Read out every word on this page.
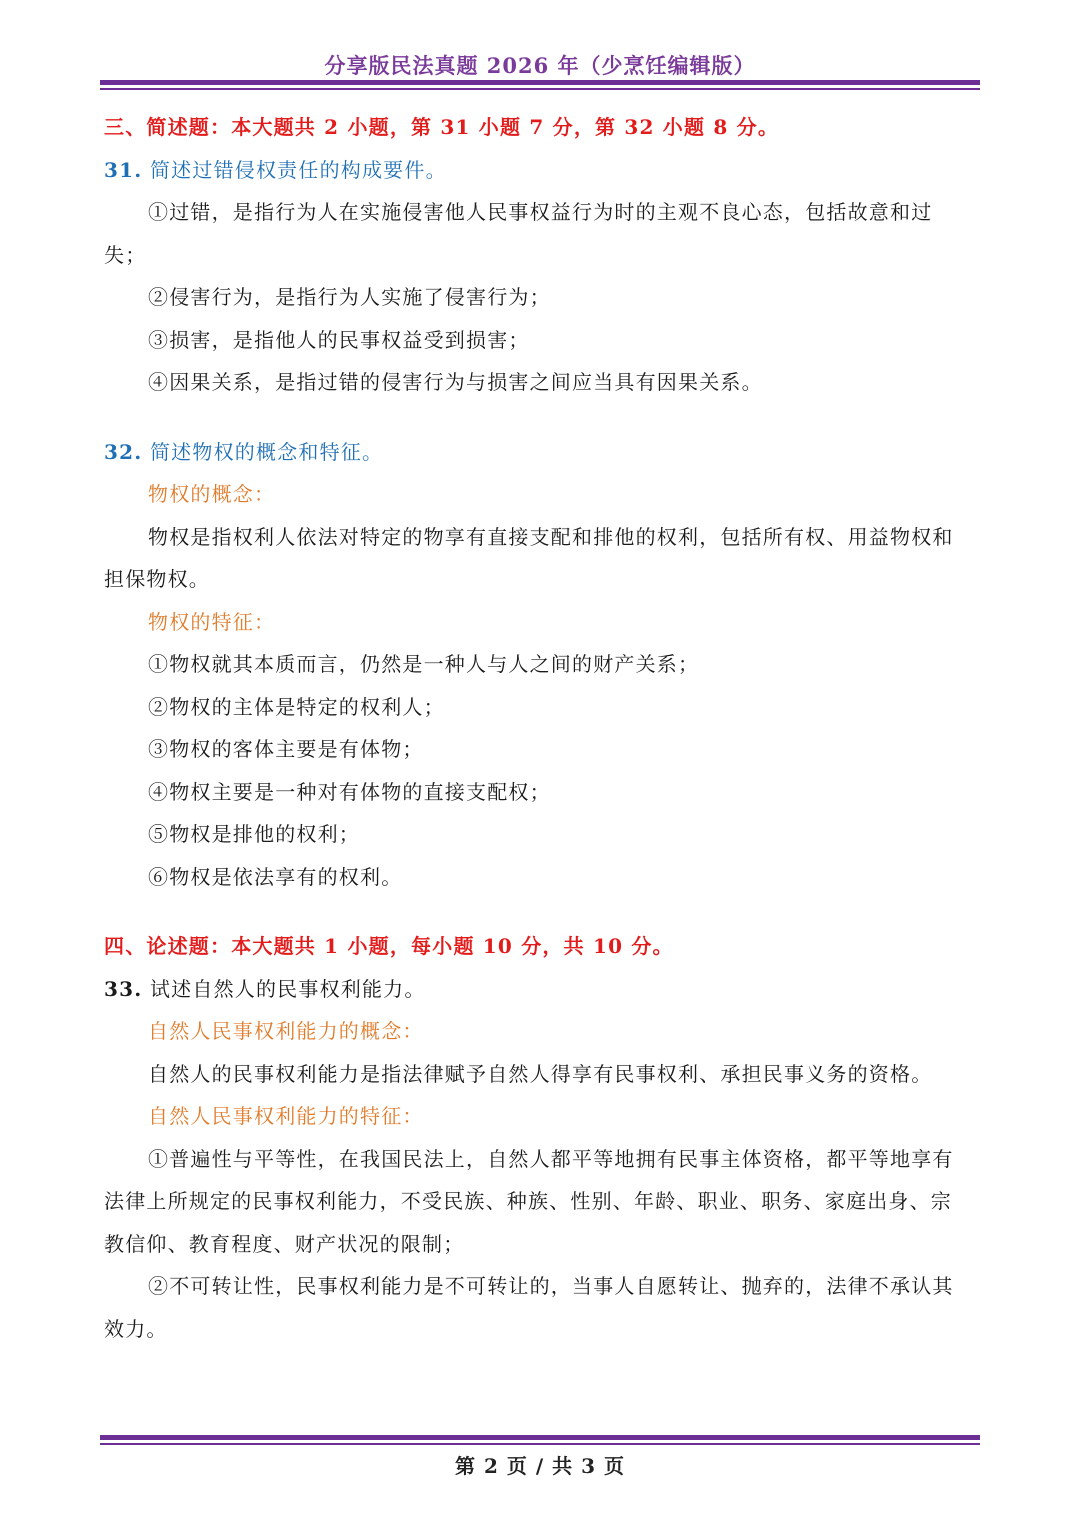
分享版民法真题 2026 年（少烹饪编辑版）
三、简述题：本大题共 2 小题，第 31 小题 7 分，第 32 小题 8 分。
31. 简述过错侵权责任的构成要件。
①过错，是指行为人在实施侵害他人民事权益行为时的主观不良心态，包括故意和过
失；
②侵害行为，是指行为人实施了侵害行为；
③损害，是指他人的民事权益受到损害；
④因果关系，是指过错的侵害行为与损害之间应当具有因果关系。
32. 简述物权的概念和特征。
物权的概念：
物权是指权利人依法对特定的物享有直接支配和排他的权利，包括所有权、用益物权和
担保物权。
物权的特征：
①物权就其本质而言，仍然是一种人与人之间的财产关系；
②物权的主体是特定的权利人；
③物权的客体主要是有体物；
④物权主要是一种对有体物的直接支配权；
⑤物权是排他的权利；
⑥物权是依法享有的权利。
四、论述题：本大题共 1 小题，每小题 10 分，共 10 分。
33. 试述自然人的民事权利能力。
自然人民事权利能力的概念：
自然人的民事权利能力是指法律赋予自然人得享有民事权利、承担民事义务的资格。
自然人民事权利能力的特征：
①普遍性与平等性，在我国民法上，自然人都平等地拥有民事主体资格，都平等地享有
法律上所规定的民事权利能力，不受民族、种族、性别、年龄、职业、职务、家庭出身、宗
教信仰、教育程度、财产状况的限制；
②不可转让性，民事权利能力是不可转让的，当事人自愿转让、抛弃的，法律不承认其
效力。
第 2 页 / 共 3 页
